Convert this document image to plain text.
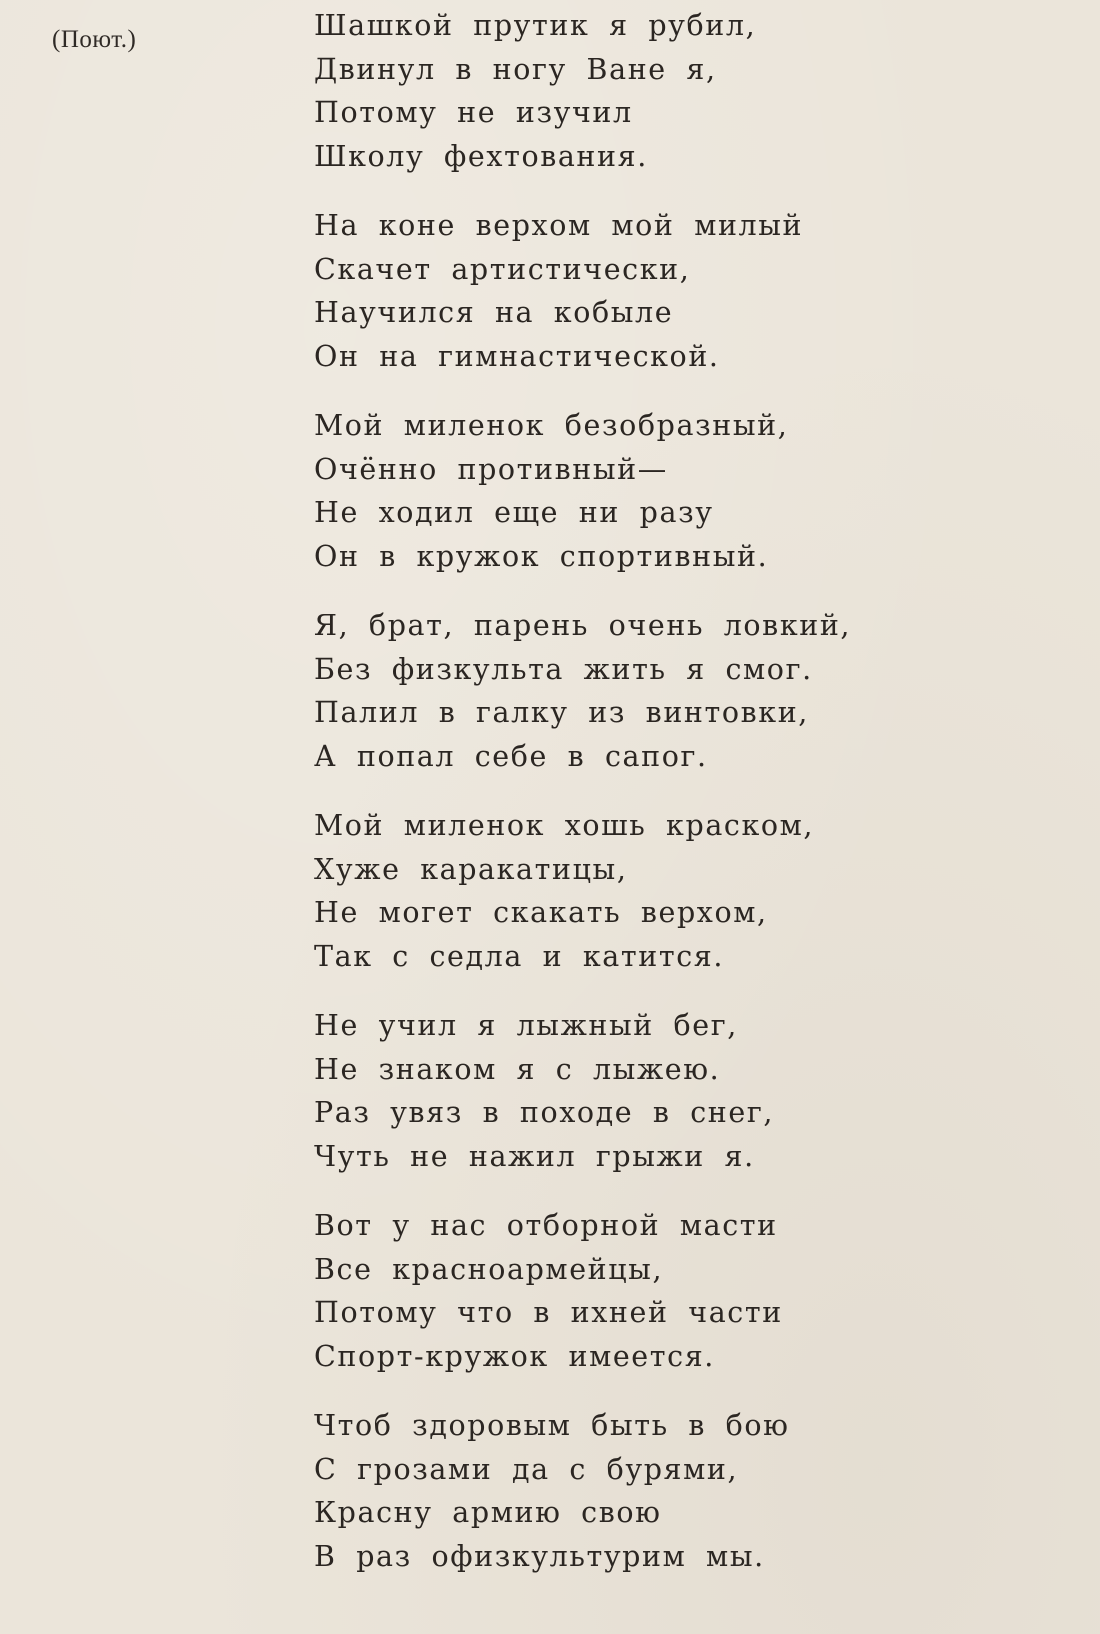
(Поют.)	Шашкой прутик я рубил,
Двинул в ногу Ване я,
Потому не изучил
Школу фехтования.
На коне верхом мой милый
Скачет артистически,
Научился на кобыле
Он на гимнастической.
Мой миленок безобразный,
Очённо противный—
Не ходил еще ни разу
Он в кружок спортивный.
Я, брат, парень очень ловкий,
Без физкульта жить я смог.
Палил в галку из винтовки,
А попал себе в сапог.
Мой миленок хошь краском,
Хуже каракатицы,
Не могет скакать верхом,
Так с седла и катится.
Не учил я лыжный бег,
Не знаком я с лыжею.
Раз увяз в походе в снег,
Чуть не нажил грыжи я.
Вот у нас отборной масти
Все красноармейцы,
Потому что в ихней части
Спорт-кружок имеется.
Чтоб здоровым быть в бою
С грозами да с бурями,
Красну армию свою
В раз офизкультурим мы.
